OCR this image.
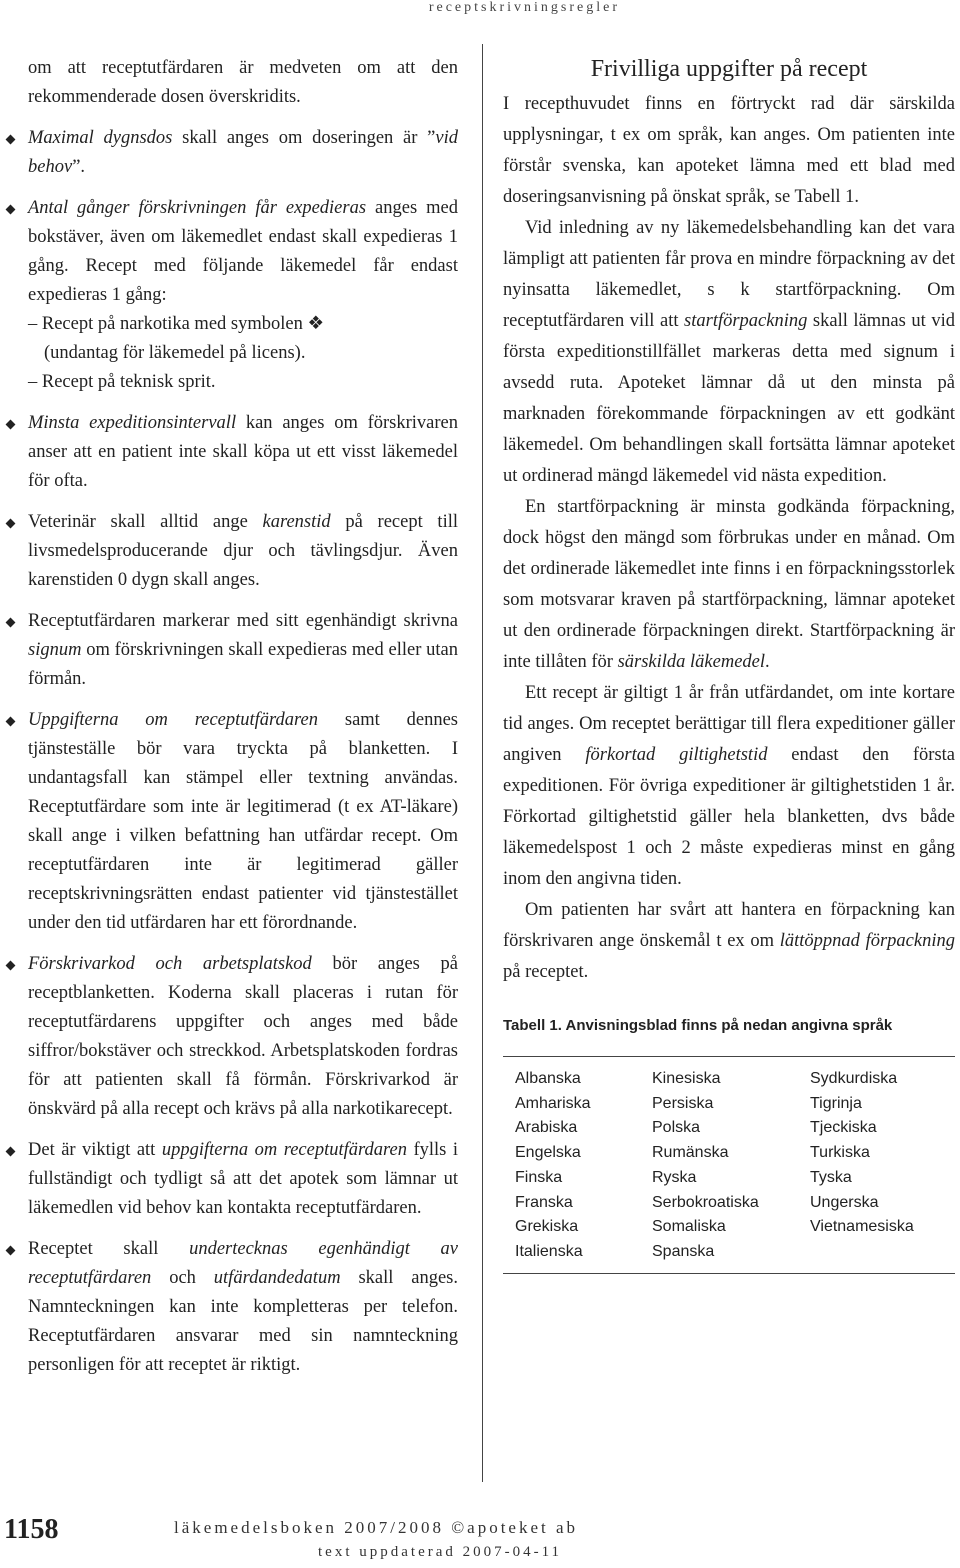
receptskrivningsregler

om att receptutfärdaren är medveten om att den rekommenderade dosen överskridits.

Maximal dygnsdos skall anges om doseringen är ”vid behov”.
Antal gånger förskrivningen får expedieras anges med bokstäver, även om läkemedlet endast skall expedieras 1 gång. Recept med följande läkemedel får endast expedieras 1 gång:
– Recept på narkotika med symbolen ❖
(undantag för läkemedel på licens).
– Recept på teknisk sprit.
Minsta expeditionsintervall kan anges om förskrivaren anser att en patient inte skall köpa ut ett visst läkemedel för ofta.
Veterinär skall alltid ange karenstid på recept till livsmedelsproducerande djur och tävlingsdjur. Även karenstiden 0 dygn skall anges.
Receptutfärdaren markerar med sitt egenhändigt skrivna signum om förskrivningen skall expedieras med eller utan förmån.
Uppgifterna om receptutfärdaren samt dennes tjänsteställe bör vara tryckta på blanketten. I undantagsfall kan stämpel eller textning användas. Receptutfärdare som inte är legitimerad (t ex AT-läkare) skall ange i vilken befattning han utfärdar recept. Om receptutfärdaren inte är legitimerad gäller receptskrivningsrätten endast patienter vid tjänstestället under den tid utfärdaren har ett förordnande.
Förskrivarkod och arbetsplatskod bör anges på receptblanketten. Koderna skall placeras i rutan för receptutfärdarens uppgifter och anges med både siffror/bokstäver och streckkod. Arbetsplatskoden fordras för att patienten skall få förmån. Förskrivarkod är önskvärd på alla recept och krävs på alla narkotikarecept.
Det är viktigt att uppgifterna om receptutfärdaren fylls i fullständigt och tydligt så att det apotek som lämnar ut läkemedlen vid behov kan kontakta receptutfärdaren.
Receptet skall undertecknas egenhändigt av receptutfärdaren och utfärdandedatum skall anges. Namnteckningen kan inte kompletteras per telefon. Receptutfärdaren ansvarar med sin namnteckning personligen för att receptet är riktigt.
Frivilliga uppgifter på recept

I recepthuvudet finns en förtryckt rad där särskilda upplysningar, t ex om språk, kan anges. Om patienten inte förstår svenska, kan apoteket lämna med ett blad med doseringsanvisning på önskat språk, se Tabell 1.

Vid inledning av ny läkemedelsbehandling kan det vara lämpligt att patienten får prova en mindre förpackning av det nyinsatta läkemedlet, s k startförpackning. Om receptutfärdaren vill att startförpackning skall lämnas ut vid första expeditionstillfället markeras detta med signum i avsedd ruta. Apoteket lämnar då ut den minsta på marknaden förekommande förpackningen av ett godkänt läkemedel. Om behandlingen skall fortsätta lämnar apoteket ut ordinerad mängd läkemedel vid nästa expedition.

En startförpackning är minsta godkända förpackning, dock högst den mängd som förbrukas under en månad. Om det ordinerade läkemedlet inte finns i en förpackningsstorlek som motsvarar kraven på startförpackning, lämnar apoteket ut den ordinerade förpackningen direkt. Startförpackning är inte tillåten för särskilda läkemedel.

Ett recept är giltigt 1 år från utfärdandet, om inte kortare tid anges. Om receptet berättigar till flera expeditioner gäller angiven förkortad giltighetstid endast den första expeditionen. För övriga expeditioner är giltighetstiden 1 år. Förkortad giltighetstid gäller hela blanketten, dvs både läkemedelspost 1 och 2 måste expedieras minst en gång inom den angivna tiden.

Om patienten har svårt att hantera en förpackning kan förskrivaren ange önskemål t ex om lättöppnad förpackning på receptet.

Tabell 1. Anvisningsblad finns på nedan angivna språk
Albanska
Amhariska
Arabiska
Engelska
Finska
Franska
Grekiska
Italienska
Kinesiska
Persiska
Polska
Rumänska
Ryska
Serbokroatiska
Somaliska
Spanska
Sydkurdiska
Tigrinja
Tjeckiska
Turkiska
Tyska
Ungerska
Vietnamesiska
1158	läkemedelsboken 2007/2008 ©apoteket ab
text uppdaterad 2007-04-11
